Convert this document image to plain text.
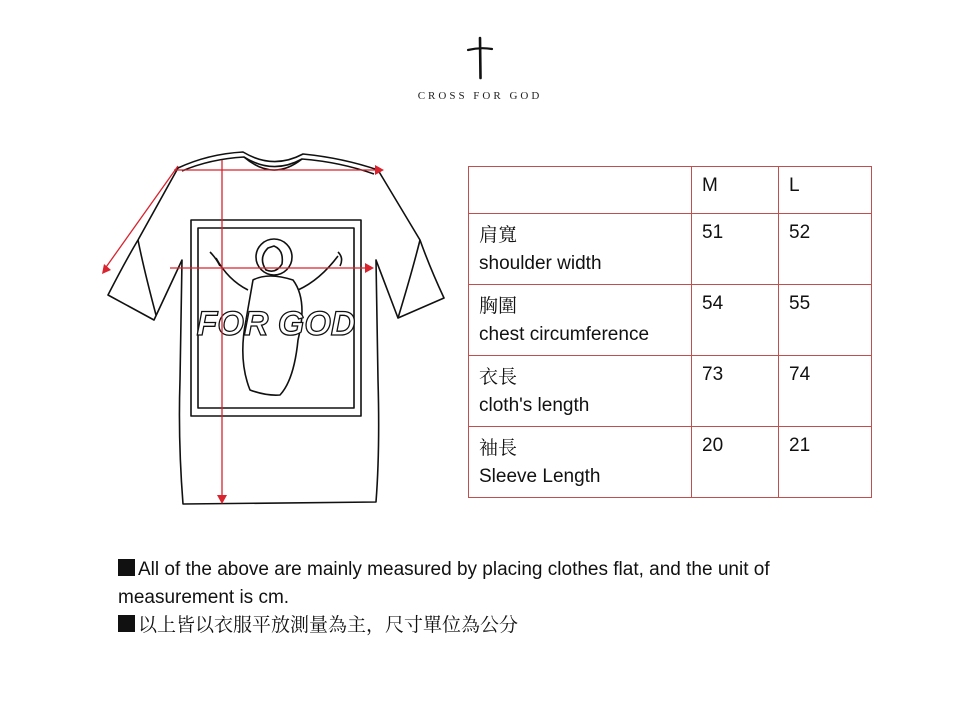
CROSS FOR GOD
FOR GOD
	M	L

肩寬
shoulder width	51	52

胸圍
chest circumference	54	55

衣長
cloth's length	73	74

袖長
Sleeve Length	20	21

All of the above are mainly measured by placing clothes flat, and the unit of measurement is cm.

以上皆以衣服平放測量為主，尺寸單位為公分
